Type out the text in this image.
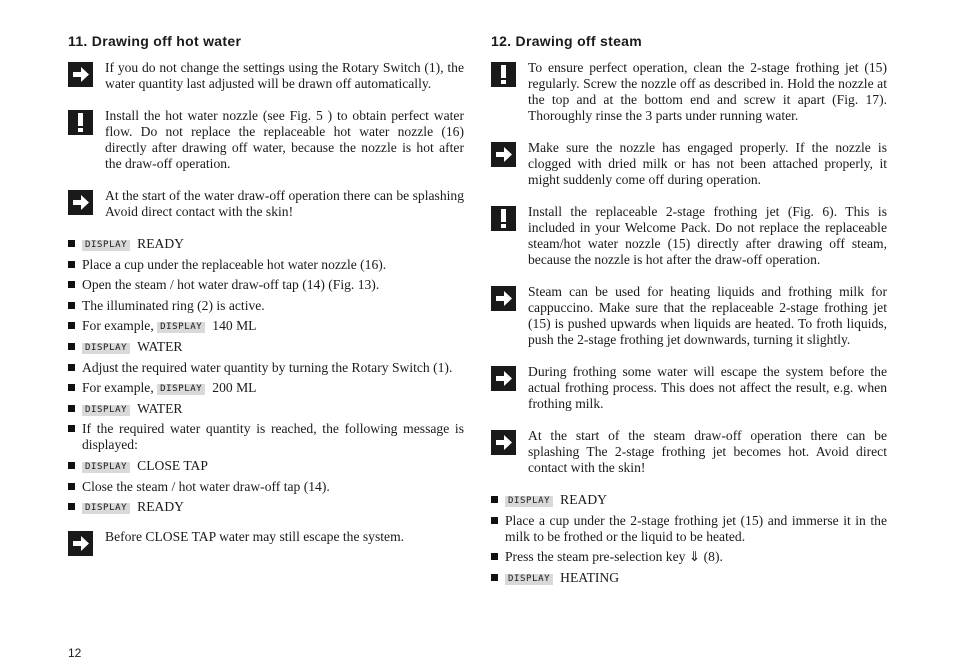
11. Drawing off hot water

If you do not change the settings using the Rotary Switch (1), the water quantity last adjusted will be drawn off automatically.

Install the hot water nozzle (see Fig. 5 ) to obtain perfect water flow. Do not replace the replaceable hot water nozzle (16) directly after drawing off water, because the nozzle is hot after the draw-off operation.

At the start of the water draw-off operation there can be splashing Avoid direct contact with the skin!

DISPLAY READY
Place a cup under the replaceable hot water nozzle (16).
Open the steam / hot water draw-off tap (14) (Fig. 13).
The illuminated ring (2) is active.
For example, DISPLAY 140 ML
DISPLAY WATER
Adjust the required water quantity by turning the Rotary Switch (1).
For example, DISPLAY 200 ML
DISPLAY WATER
If the required water quantity is reached, the following message is displayed:
DISPLAY CLOSE TAP
Close the steam / hot water draw-off tap (14).
DISPLAY READY

Before CLOSE TAP water may still escape the system.

12. Drawing off steam

To ensure perfect operation, clean the 2-stage frothing jet (15) regularly. Screw the nozzle off as described in. Hold the nozzle at the top and at the bottom end and screw it apart (Fig. 17). Thoroughly rinse the 3 parts under running water.

Make sure the nozzle has engaged properly. If the nozzle is clogged with dried milk or has not been attached properly, it might suddenly come off during operation.

Install the replaceable 2-stage frothing jet (Fig. 6). This is included in your Welcome Pack. Do not replace the replaceable steam/hot water nozzle (15) directly after drawing off steam, because the nozzle is hot after the draw-off operation.

Steam can be used for heating liquids and frothing milk for cappuccino. Make sure that the replaceable 2-stage frothing jet (15) is pushed upwards when liquids are heated. To froth liquids, push the 2-stage frothing jet downwards, turning it slightly.

During frothing some water will escape the system before the actual frothing process. This does not affect the result, e.g. when frothing milk.

At the start of the steam draw-off operation there can be splashing The 2-stage frothing jet becomes hot. Avoid direct contact with the skin!

DISPLAY READY
Place a cup under the 2-stage frothing jet (15) and immerse it in the milk to be frothed or the liquid to be heated.
Press the steam pre-selection key ⇓ (8).
DISPLAY HEATING
12
